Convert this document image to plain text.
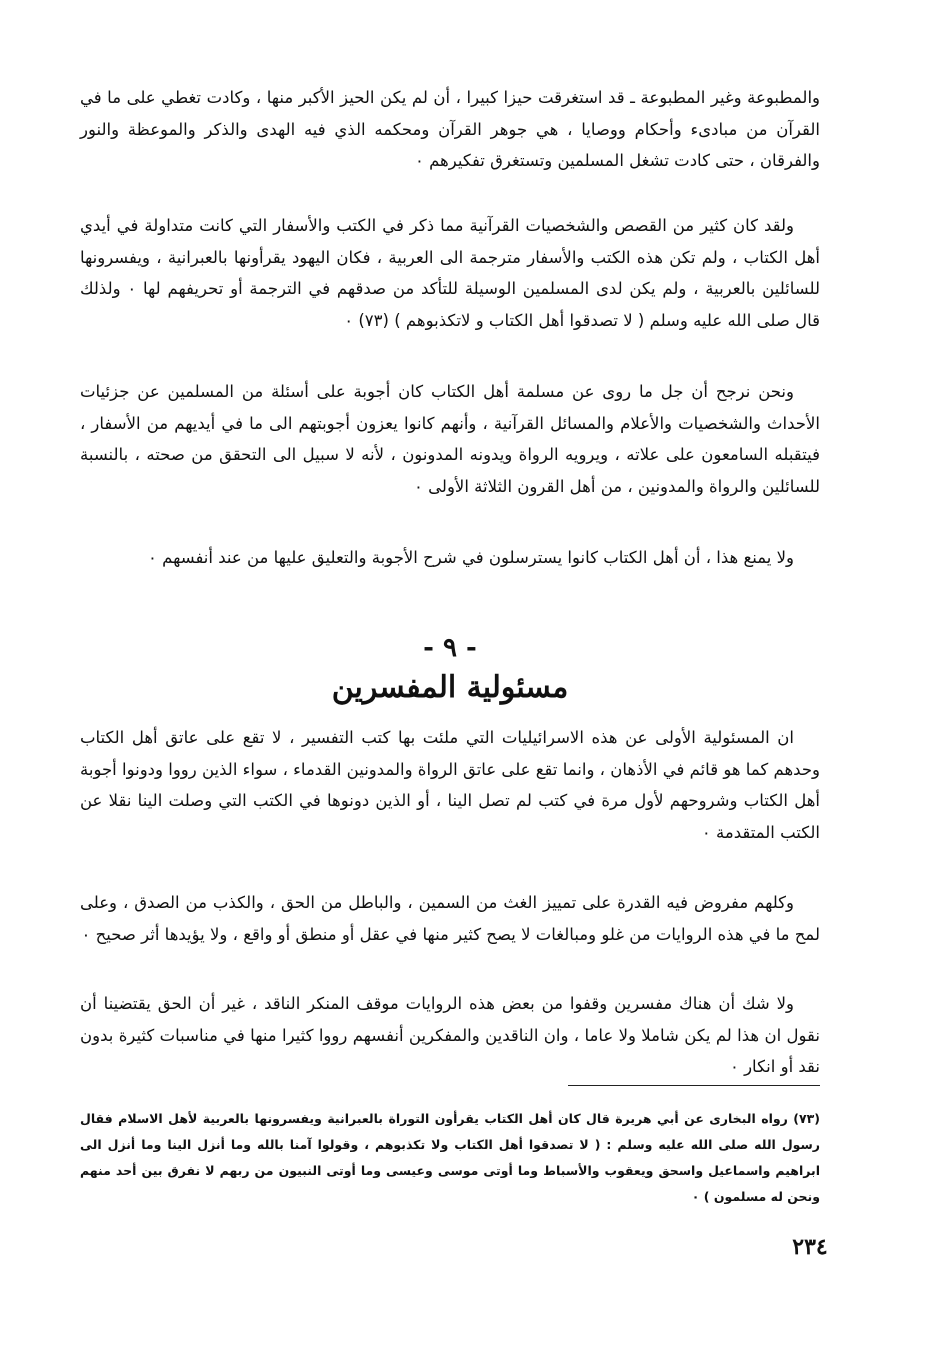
والمطبوعة وغير المطبوعة ـ قد استغرقت حيزا كبيرا ، أن لم يكن الحيز الأكبر منها ، وكادت تغطي على ما في القرآن من مبادىء وأحكام ووصايا ، هي جوهر القرآن ومحكمه الذي فيه الهدى والذكر والموعظة والنور والفرقان ، حتى كادت تشغل المسلمين وتستغرق تفكيرهم ٠

ولقد كان كثير من القصص والشخصيات القرآنية مما ذكر في الكتب والأسفار التي كانت متداولة في أيدي أهل الكتاب ، ولم تكن هذه الكتب والأسفار مترجمة الى العربية ، فكان اليهود يقرأونها بالعبرانية ، ويفسرونها للسائلين بالعربية ، ولم يكن لدى المسلمين الوسيلة للتأكد من صدقهم في الترجمة أو تحريفهم لها ٠ ولذلك قال صلى الله عليه وسلم ( لا تصدقوا أهل الكتاب و لاتكذبوهم ) (٧٣) ٠

ونحن نرجح أن جل ما روى عن مسلمة أهل الكتاب كان أجوبة على أسئلة من المسلمين عن جزئيات الأحداث والشخصيات والأعلام والمسائل القرآنية ، وأنهم كانوا يعزون أجوبتهم الى ما في أيديهم من الأسفار ، فيتقبله السامعون على علاته ، ويرويه الرواة ويدونه المدونون ، لأنه لا سبيل الى التحقق من صحته ، بالنسبة للسائلين والرواة والمدونين ، من أهل القرون الثلاثة الأولى ٠

ولا يمنع هذا ، أن أهل الكتاب كانوا يسترسلون في شرح الأجوبة والتعليق عليها من عند أنفسهم ٠

- ٩ -
مسئولية المفسرين

ان المسئولية الأولى عن هذه الاسرائيليات التي ملئت بها كتب التفسير ، لا تقع على عاتق أهل الكتاب وحدهم كما هو قائم في الأذهان ، وانما تقع على عاتق الرواة والمدونين القدماء ، سواء الذين رووا ودونوا أجوبة أهل الكتاب وشروحهم لأول مرة في كتب لم تصل الينا ، أو الذين دونوها في الكتب التي وصلت الينا نقلا عن الكتب المتقدمة ٠

وكلهم مفروض فيه القدرة على تمييز الغث من السمين ، والباطل من الحق ، والكذب من الصدق ، وعلى لمح ما في هذه الروايات من غلو ومبالغات لا يصح كثير منها في عقل أو منطق أو واقع ، ولا يؤيدها أثر صحيح ٠

ولا شك أن هناك مفسرين وقفوا من بعض هذه الروايات موقف المنكر الناقد ، غير أن الحق يقتضينا أن نقول ان هذا لم يكن شاملا ولا عاما ، وان الناقدين والمفكرين أنفسهم رووا كثيرا منها في مناسبات كثيرة بدون نقد أو انكار ٠

(٧٣) رواه البخارى عن أبي هريرة قال كان أهل الكتاب يقرأون التوراة بالعبرانية ويفسرونها بالعربية لأهل الاسلام فقال رسول الله صلى الله عليه وسلم : ( لا تصدقوا أهل الكتاب ولا تكذبوهم ، وقولوا آمنا بالله وما أنزل الينا وما أنزل الى ابراهيم واسماعيل واسحق ويعقوب والأسباط وما أوتى موسى وعيسى وما أوتى النبيون من ربهم لا نفرق بين أحد منهم ونحن له مسلمون ) ٠

٢٣٤
